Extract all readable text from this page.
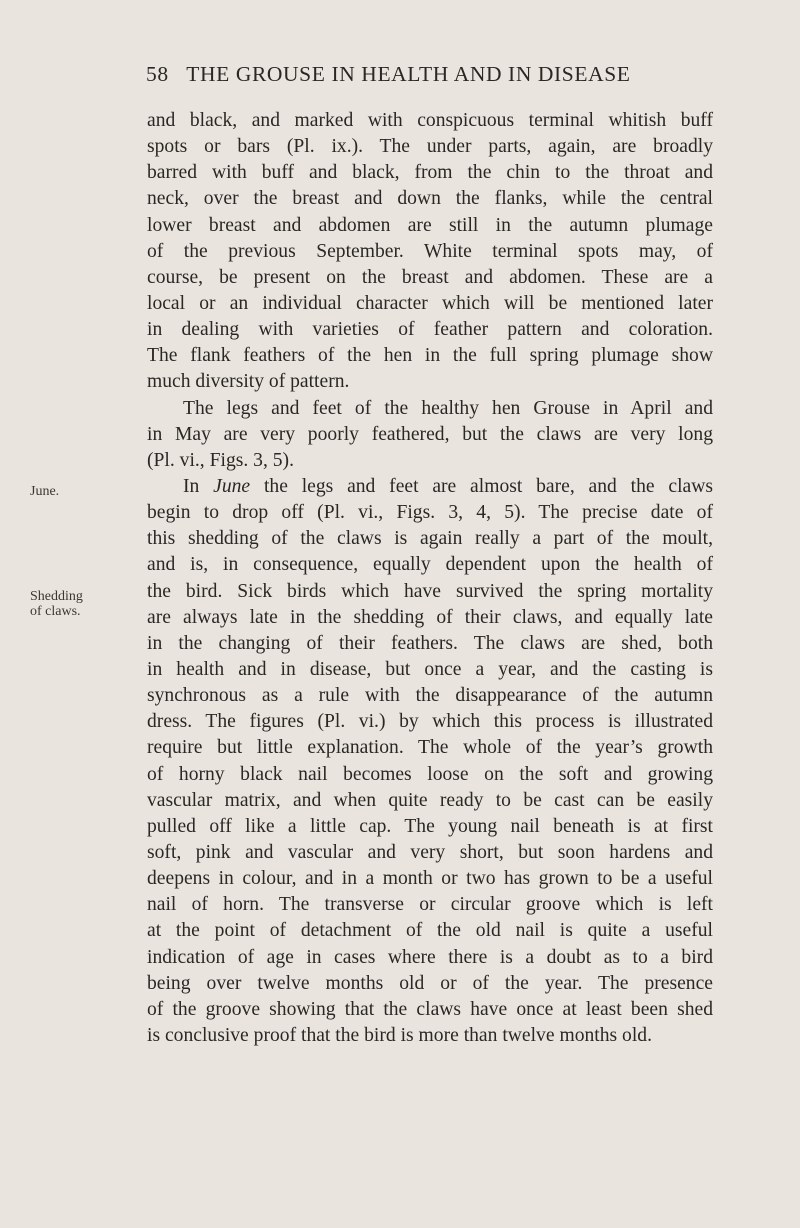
58 THE GROUSE IN HEALTH AND IN DISEASE
June.
Shedding
of claws.
and black, and marked with conspicuous terminal whitish buff
spots or bars (Pl. ix.). The under parts, again, are broadly
barred with buff and black, from the chin to the throat and
neck, over the breast and down the flanks, while the central
lower breast and abdomen are still in the autumn plumage
of the previous September. White terminal spots may, of
course, be present on the breast and abdomen. These are a
local or an individual character which will be mentioned later
in dealing with varieties of feather pattern and coloration.
The flank feathers of the hen in the full spring plumage show
much diversity of pattern.
The legs and feet of the healthy hen Grouse in April and
in May are very poorly feathered, but the claws are very long
(Pl. vi., Figs. 3, 5).
In June the legs and feet are almost bare, and the claws
begin to drop off (Pl. vi., Figs. 3, 4, 5). The precise date of
this shedding of the claws is again really a part of the moult,
and is, in consequence, equally dependent upon the health of
the bird. Sick birds which have survived the spring mortality
are always late in the shedding of their claws, and equally late
in the changing of their feathers. The claws are shed, both
in health and in disease, but once a year, and the casting is
synchronous as a rule with the disappearance of the autumn
dress. The figures (Pl. vi.) by which this process is illustrated
require but little explanation. The whole of the year’s growth
of horny black nail becomes loose on the soft and growing
vascular matrix, and when quite ready to be cast can be easily
pulled off like a little cap. The young nail beneath is at first
soft, pink and vascular and very short, but soon hardens and
deepens in colour, and in a month or two has grown to be a useful
nail of horn. The transverse or circular groove which is left
at the point of detachment of the old nail is quite a useful
indication of age in cases where there is a doubt as to a bird
being over twelve months old or of the year. The presence
of the groove showing that the claws have once at least been shed
is conclusive proof that the bird is more than twelve months old.
